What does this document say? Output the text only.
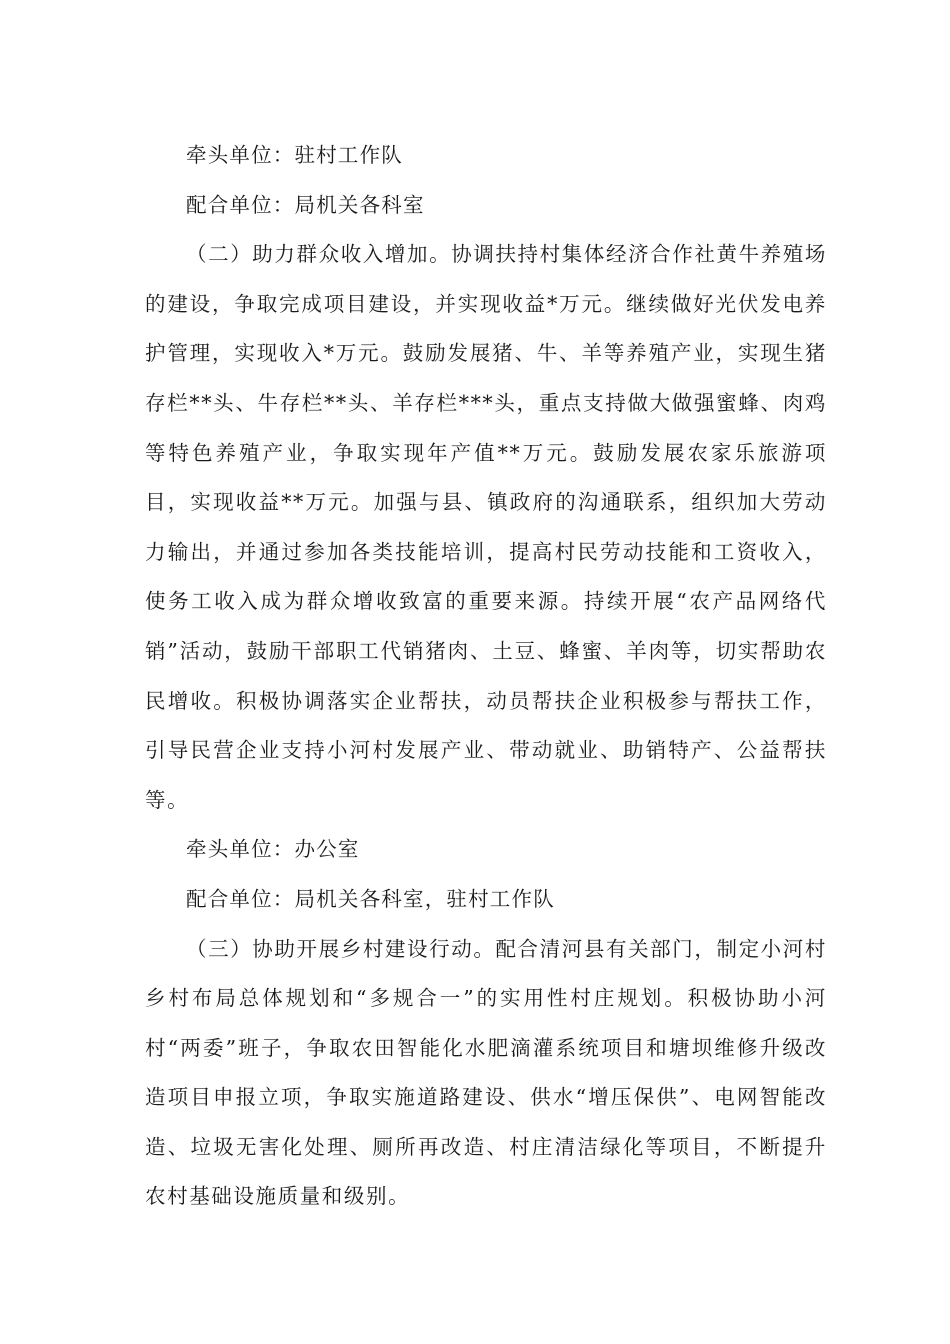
牵头单位：驻村工作队

配合单位：局机关各科室

（二）助力群众收入增加。协调扶持村集体经济合作社黄牛养殖场的建设，争取完成项目建设，并实现收益*万元。继续做好光伏发电养护管理，实现收入*万元。鼓励发展猪、牛、羊等养殖产业，实现生猪存栏**头、牛存栏**头、羊存栏***头，重点支持做大做强蜜蜂、肉鸡等特色养殖产业，争取实现年产值**万元。鼓励发展农家乐旅游项目，实现收益**万元。加强与县、镇政府的沟通联系，组织加大劳动力输出，并通过参加各类技能培训，提高村民劳动技能和工资收入，使务工收入成为群众增收致富的重要来源。持续开展“农产品网络代销”活动，鼓励干部职工代销猪肉、土豆、蜂蜜、羊肉等，切实帮助农民增收。积极协调落实企业帮扶，动员帮扶企业积极参与帮扶工作，引导民营企业支持小河村发展产业、带动就业、助销特产、公益帮扶等。

牵头单位：办公室

配合单位：局机关各科室，驻村工作队

（三）协助开展乡村建设行动。配合清河县有关部门，制定小河村乡村布局总体规划和“多规合一”的实用性村庄规划。积极协助小河村“两委”班子，争取农田智能化水肥滴灌系统项目和塘坝维修升级改造项目申报立项，争取实施道路建设、供水“增压保供”、电网智能改造、垃圾无害化处理、厕所再改造、村庄清洁绿化等项目，不断提升农村基础设施质量和级别。
